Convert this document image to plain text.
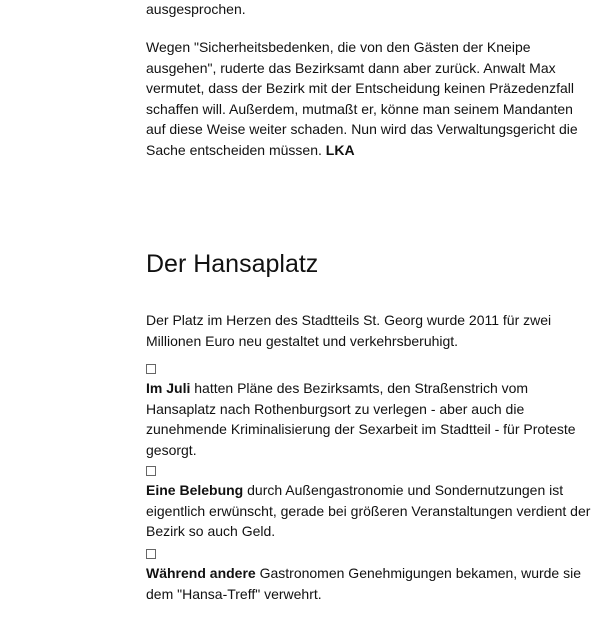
ausgesprochen.

Wegen "Sicherheitsbedenken, die von den Gästen der Kneipe ausgehen", ruderte das Bezirksamt dann aber zurück. Anwalt Max vermutet, dass der Bezirk mit der Entscheidung keinen Präzedenzfall schaffen will. Außerdem, mutmaßt er, könne man seinem Mandanten auf diese Weise weiter schaden. Nun wird das Verwaltungsgericht die Sache entscheiden müssen. LKA

Der Hansaplatz

Der Platz im Herzen des Stadtteils St. Georg wurde 2011 für zwei Millionen Euro neu gestaltet und verkehrsberuhigt.

Im Juli hatten Pläne des Bezirksamts, den Straßenstrich vom Hansaplatz nach Rothenburgsort zu verlegen - aber auch die zunehmende Kriminalisierung der Sexarbeit im Stadtteil - für Proteste gesorgt.

Eine Belebung durch Außengastronomie und Sondernutzungen ist eigentlich erwünscht, gerade bei größeren Veranstaltungen verdient der Bezirk so auch Geld.

Während andere Gastronomen Genehmigungen bekamen, wurde sie dem "Hansa-Treff" verwehrt.
